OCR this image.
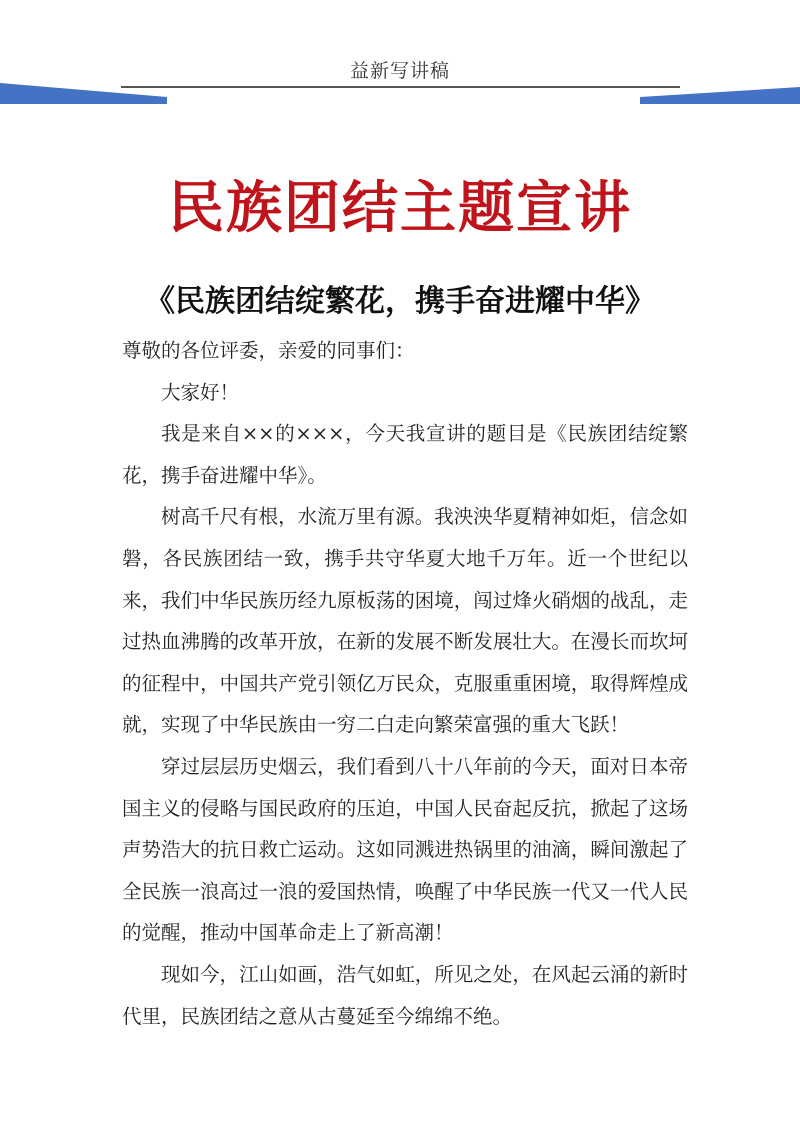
益新写讲稿
民族团结主题宣讲
《民族团结绽繁花，携手奋进耀中华》

尊敬的各位评委，亲爱的同事们：

大家好！

我是来自××的×××，今天我宣讲的题目是《民族团结绽繁花，携手奋进耀中华》。

树高千尺有根，水流万里有源。我泱泱华夏精神如炬，信念如磐，各民族团结一致，携手共守华夏大地千万年。近一个世纪以来，我们中华民族历经九原板荡的困境，闯过烽火硝烟的战乱，走过热血沸腾的改革开放，在新的发展不断发展壮大。在漫长而坎坷的征程中，中国共产党引领亿万民众，克服重重困境，取得辉煌成就，实现了中华民族由一穷二白走向繁荣富强的重大飞跃！

穿过层层历史烟云，我们看到八十八年前的今天，面对日本帝国主义的侵略与国民政府的压迫，中国人民奋起反抗，掀起了这场声势浩大的抗日救亡运动。这如同溅进热锅里的油滴，瞬间激起了全民族一浪高过一浪的爱国热情，唤醒了中华民族一代又一代人民的觉醒，推动中国革命走上了新高潮！

现如今，江山如画，浩气如虹，所见之处，在风起云涌的新时代里，民族团结之意从古蔓延至今绵绵不绝。
